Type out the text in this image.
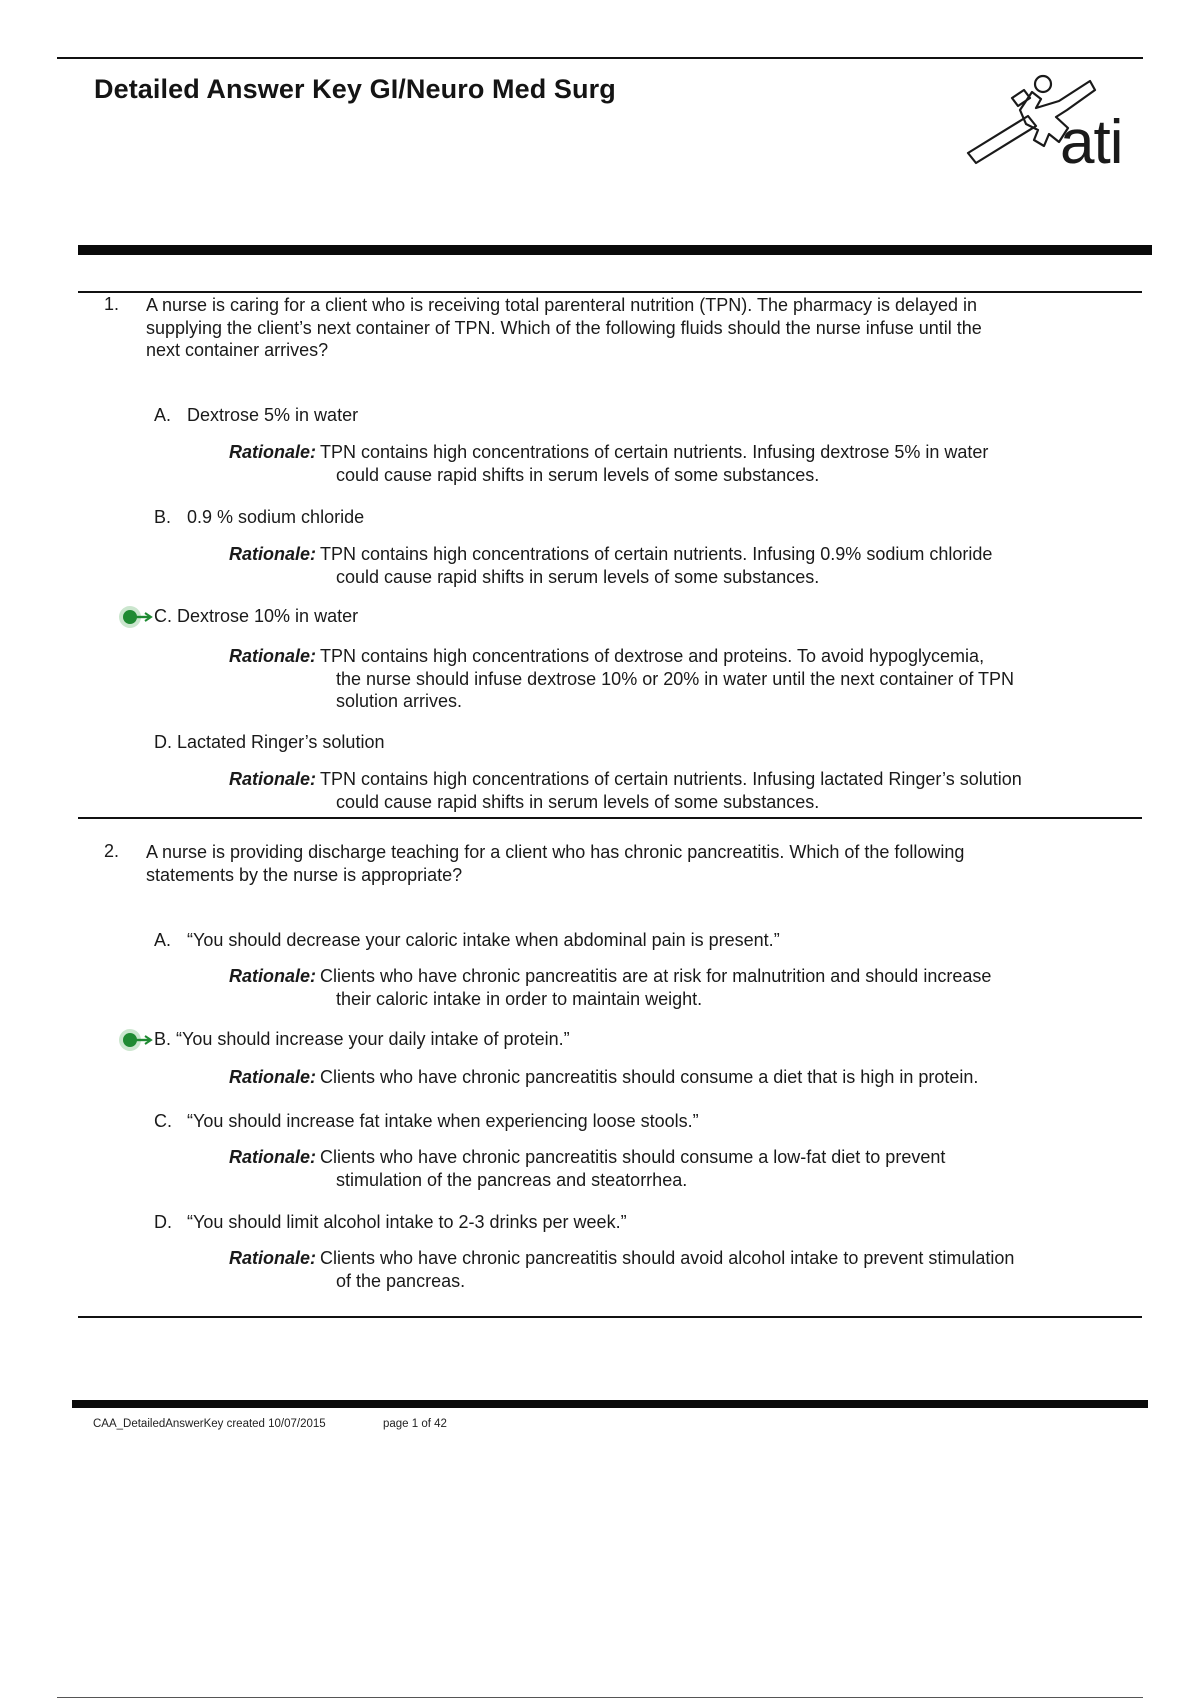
Detailed Answer Key GI/Neuro Med Surg
ati
1. A nurse is caring for a client who is receiving total parenteral nutrition (TPN). The pharmacy is delayed in
supplying the client’s next container of TPN. Which of the following fluids should the nurse infuse until the
next container arrives?
A. Dextrose 5% in water
Rationale: TPN contains high concentrations of certain nutrients. Infusing dextrose 5% in water
could cause rapid shifts in serum levels of some substances.
B. 0.9 % sodium chloride
Rationale: TPN contains high concentrations of certain nutrients. Infusing 0.9% sodium chloride
could cause rapid shifts in serum levels of some substances.
C. Dextrose 10% in water
Rationale: TPN contains high concentrations of dextrose and proteins. To avoid hypoglycemia,
the nurse should infuse dextrose 10% or 20% in water until the next container of TPN
solution arrives.
D. Lactated Ringer’s solution
Rationale: TPN contains high concentrations of certain nutrients. Infusing lactated Ringer’s solution
could cause rapid shifts in serum levels of some substances.
2. A nurse is providing discharge teaching for a client who has chronic pancreatitis. Which of the following
statements by the nurse is appropriate?
A. “You should decrease your caloric intake when abdominal pain is present.”
Rationale: Clients who have chronic pancreatitis are at risk for malnutrition and should increase
their caloric intake in order to maintain weight.
B. “You should increase your daily intake of protein.”
Rationale: Clients who have chronic pancreatitis should consume a diet that is high in protein.
C. “You should increase fat intake when experiencing loose stools.”
Rationale: Clients who have chronic pancreatitis should consume a low-fat diet to prevent
stimulation of the pancreas and steatorrhea.
D. “You should limit alcohol intake to 2-3 drinks per week.”
Rationale: Clients who have chronic pancreatitis should avoid alcohol intake to prevent stimulation
of the pancreas.
CAA_DetailedAnswerKey created 10/07/2015	page 1 of 42
